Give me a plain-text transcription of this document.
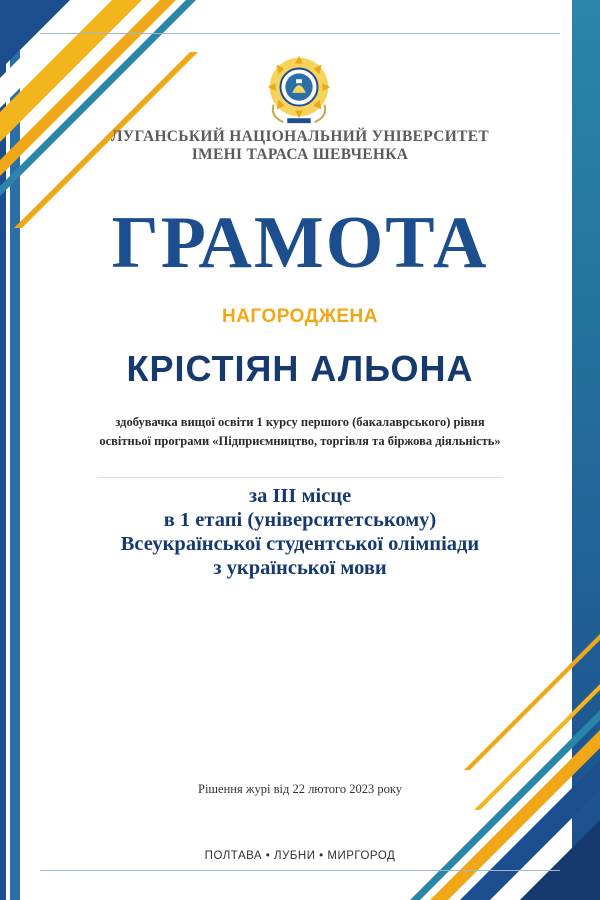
ЛУГАНСЬКИЙ НАЦІОНАЛЬНИЙ УНІВЕРСИТЕТ
ІМЕНІ ТАРАСА ШЕВЧЕНКА
ГРАМОТА
НАГОРОДЖЕНА
КРІСТІЯН АЛЬОНА
здобувачка вищої освіти 1 курсу першого (бакалаврського) рівня
освітньої програми «Підприємництво, торгівля та біржова діяльність»
за III місце
в 1 етапі (університетському)
Всеукраїнської студентської олімпіади
з української мови
Рішення журі від 22 лютого 2023 року
ПОЛТАВА • ЛУБНИ • МИРГОРОД
